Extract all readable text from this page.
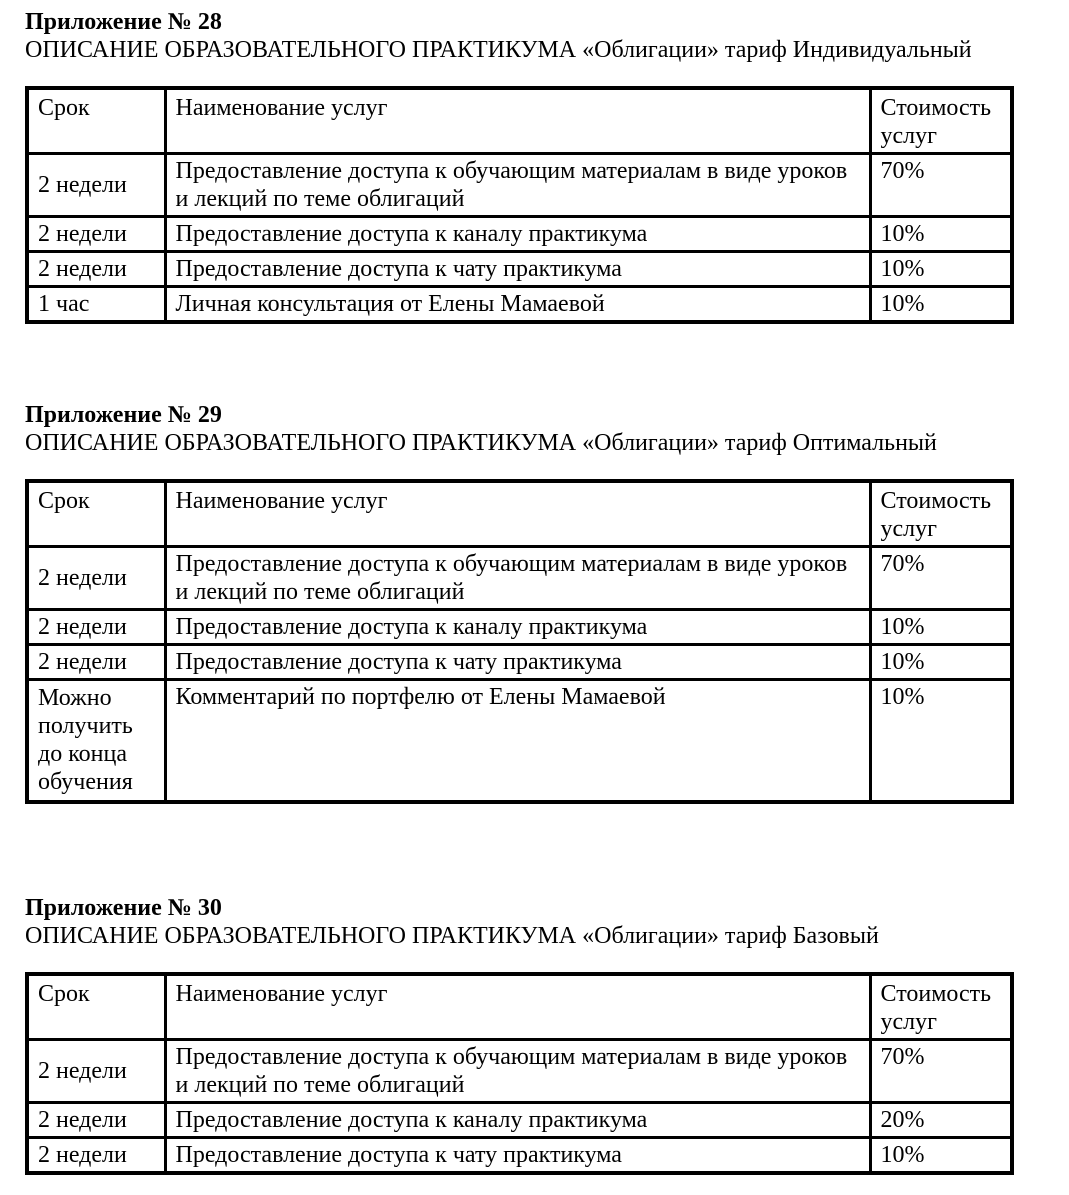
Приложение № 28
ОПИСАНИЕ ОБРАЗОВАТЕЛЬНОГО ПРАКТИКУМА «Облигации» тариф Индивидуальный
Срок	Наименование услуг	Стоимость услуг
2 недели	Предоставление доступа к обучающим материалам в виде уроков и лекций по теме облигаций	70%
2 недели	Предоставление доступа к каналу практикума	10%
2 недели	Предоставление доступа к чату практикума	10%
1 час	Личная консультация от Елены Мамаевой	10%
Приложение № 29
ОПИСАНИЕ ОБРАЗОВАТЕЛЬНОГО ПРАКТИКУМА «Облигации» тариф Оптимальный
Срок	Наименование услуг	Стоимость услуг
2 недели	Предоставление доступа к обучающим материалам в виде уроков и лекций по теме облигаций	70%
2 недели	Предоставление доступа к каналу практикума	10%
2 недели	Предоставление доступа к чату практикума	10%
Можно получить до конца обучения	Комментарий по портфелю от Елены Мамаевой	10%
Приложение № 30
ОПИСАНИЕ ОБРАЗОВАТЕЛЬНОГО ПРАКТИКУМА «Облигации» тариф Базовый
Срок	Наименование услуг	Стоимость услуг
2 недели	Предоставление доступа к обучающим материалам в виде уроков и лекций по теме облигаций	70%
2 недели	Предоставление доступа к каналу практикума	20%
2 недели	Предоставление доступа к чату практикума	10%
